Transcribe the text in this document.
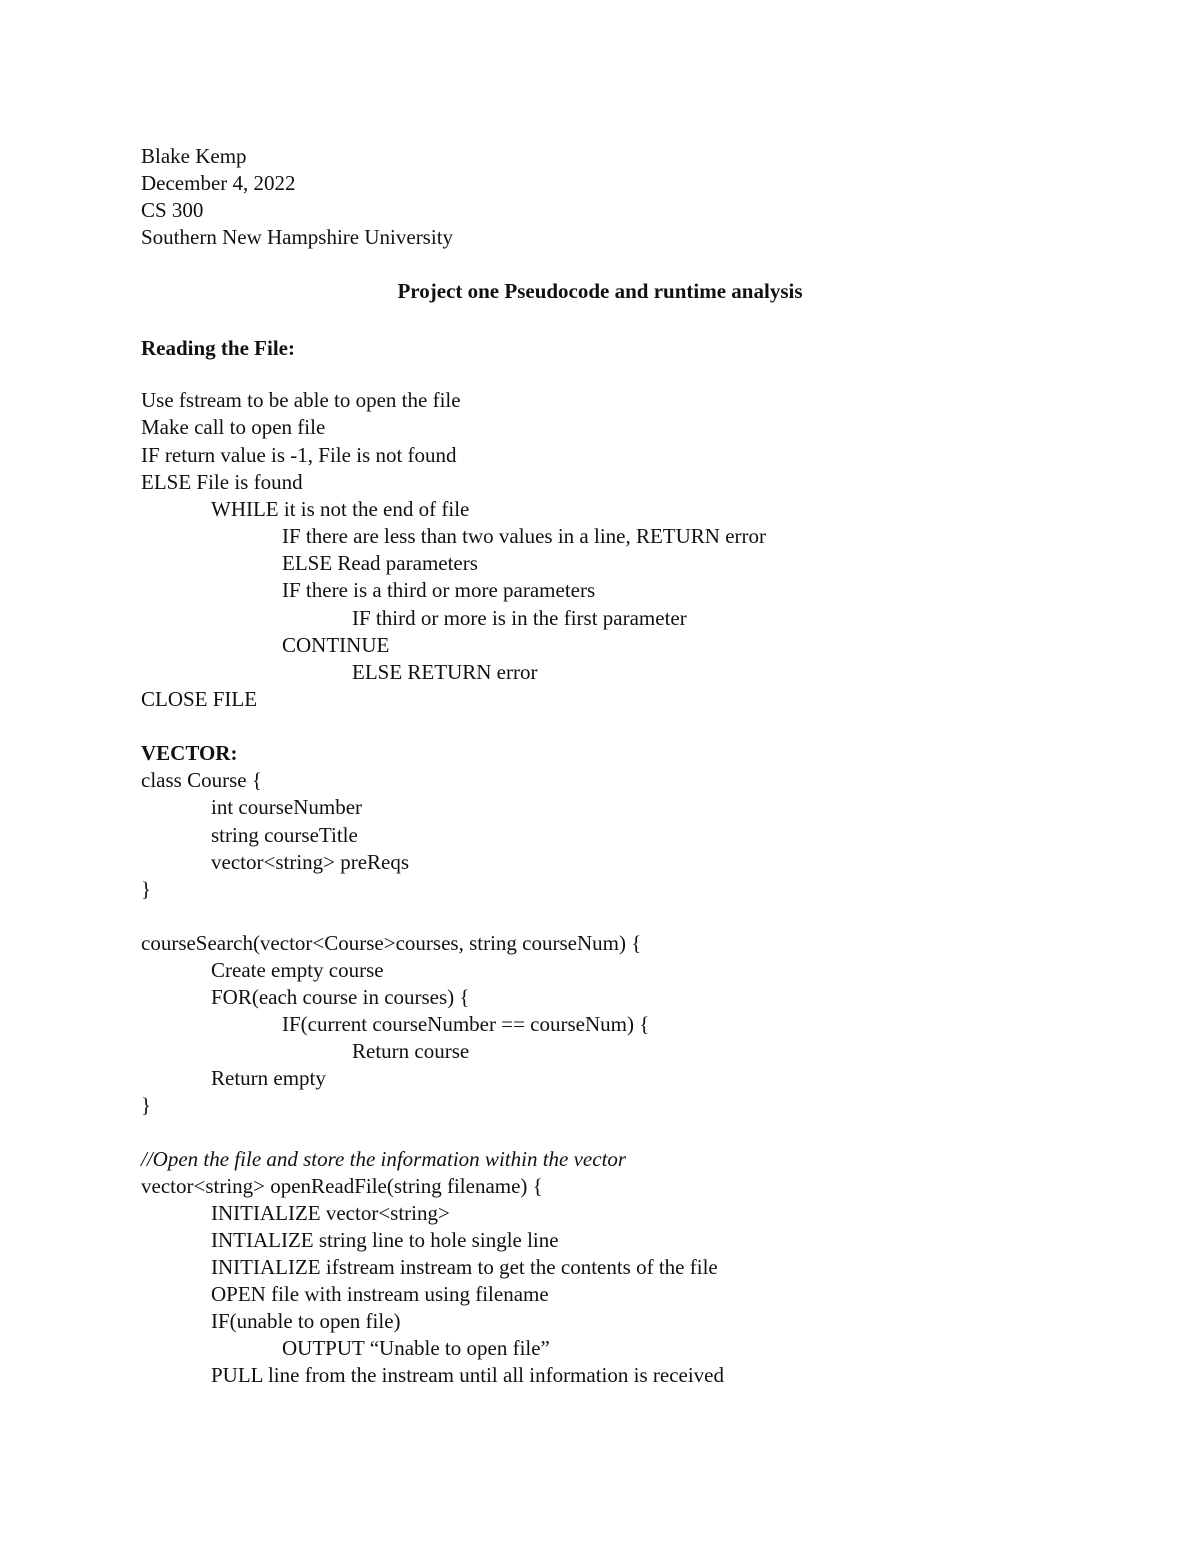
Blake Kemp

December 4, 2022

CS 300

Southern New Hampshire University

Project one Pseudocode and runtime analysis

Reading the File:

Use fstream to be able to open the file

Make call to open file

IF return value is -1, File is not found

ELSE File is found

WHILE it is not the end of file

IF there are less than two values in a line, RETURN error

ELSE Read parameters

IF there is a third or more parameters

IF third or more is in the first parameter

CONTINUE

ELSE RETURN error

CLOSE FILE

VECTOR:

class Course {

int courseNumber

string courseTitle

vector<string> preReqs

}

courseSearch(vector<Course>courses, string courseNum) {

Create empty course

FOR(each course in courses) {

IF(current courseNumber == courseNum) {

Return course

Return empty

}

//Open the file and store the information within the vector

vector<string> openReadFile(string filename) {

INITIALIZE vector<string>

INTIALIZE string line to hole single line

INITIALIZE ifstream instream to get the contents of the file

OPEN file with instream using filename

IF(unable to open file)

OUTPUT “Unable to open file”

PULL line from the instream until all information is received
